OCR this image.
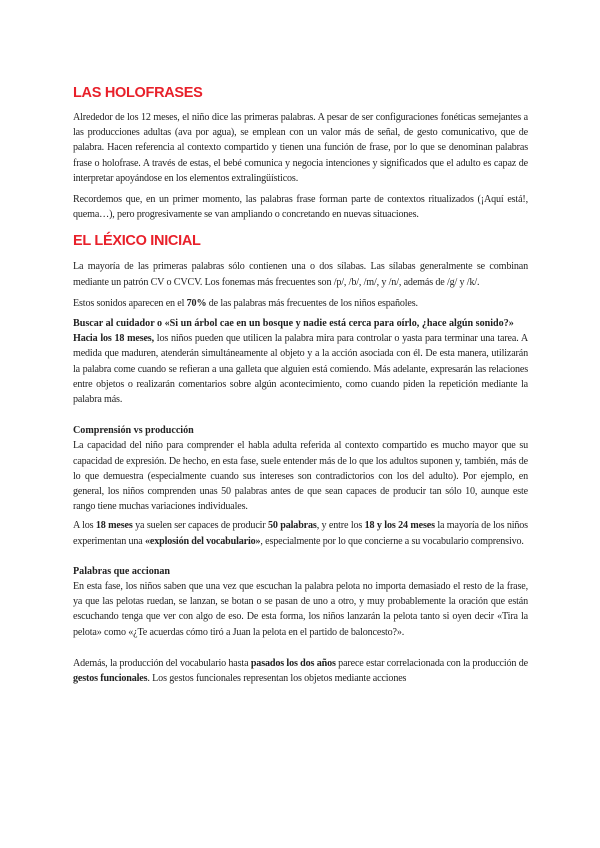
LAS HOLOFRASES

Alrededor de los 12 meses, el niño dice las primeras palabras. A pesar de ser configuraciones fonéticas semejantes a las producciones adultas (ava por agua), se emplean con un valor más de señal, de gesto comunicativo, que de palabra. Hacen referencia al contexto compartido y tienen una función de frase, por lo que se denominan palabras frase o holofrase. A través de estas, el bebé comunica y negocia intenciones y significados que el adulto es capaz de interpretar apoyándose en los elementos extralingüísticos.

Recordemos que, en un primer momento, las palabras frase forman parte de contextos ritualizados (¡Aquí está!, quema…), pero progresivamente se van ampliando o concretando en nuevas situaciones.

EL LÉXICO INICIAL

La mayoría de las primeras palabras sólo contienen una o dos sílabas. Las sílabas generalmente se combinan mediante un patrón CV o CVCV. Los fonemas más frecuentes son /p/, /b/, /m/, y /n/, además de /g/ y /k/.

Estos sonidos aparecen en el 70% de las palabras más frecuentes de los niños españoles.

Buscar al cuidador o «Si un árbol cae en un bosque y nadie está cerca para oírlo, ¿hace algún sonido?»

Hacia los 18 meses, los niños pueden que utilicen la palabra mira para controlar o yasta para terminar una tarea. A medida que maduren, atenderán simultáneamente al objeto y a la acción asociada con él. De esta manera, utilizarán la palabra come cuando se refieran a una galleta que alguien está comiendo. Más adelante, expresarán las relaciones entre objetos o realizarán comentarios sobre algún acontecimiento, como cuando piden la repetición mediante la palabra más.

Comprensión vs producción

La capacidad del niño para comprender el habla adulta referida al contexto compartido es mucho mayor que su capacidad de expresión. De hecho, en esta fase, suele entender más de lo que los adultos suponen y, también, más de lo que demuestra (especialmente cuando sus intereses son contradictorios con los del adulto). Por ejemplo, en general, los niños comprenden unas 50 palabras antes de que sean capaces de producir tan sólo 10, aunque este rango tiene muchas variaciones individuales.

A los 18 meses ya suelen ser capaces de producir 50 palabras, y entre los 18 y los 24 meses la mayoría de los niños experimentan una «explosión del vocabulario», especialmente por lo que concierne a su vocabulario comprensivo.

Palabras que accionan

En esta fase, los niños saben que una vez que escuchan la palabra pelota no importa demasiado el resto de la frase, ya que las pelotas ruedan, se lanzan, se botan o se pasan de uno a otro, y muy probablemente la oración que están escuchando tenga que ver con algo de eso. De esta forma, los niños lanzarán la pelota tanto si oyen decir «Tira la pelota» como «¿Te acuerdas cómo tiró a Juan la pelota en el partido de baloncesto?».

Además, la producción del vocabulario hasta pasados los dos años parece estar correlacionada con la producción de gestos funcionales. Los gestos funcionales representan los objetos mediante acciones
